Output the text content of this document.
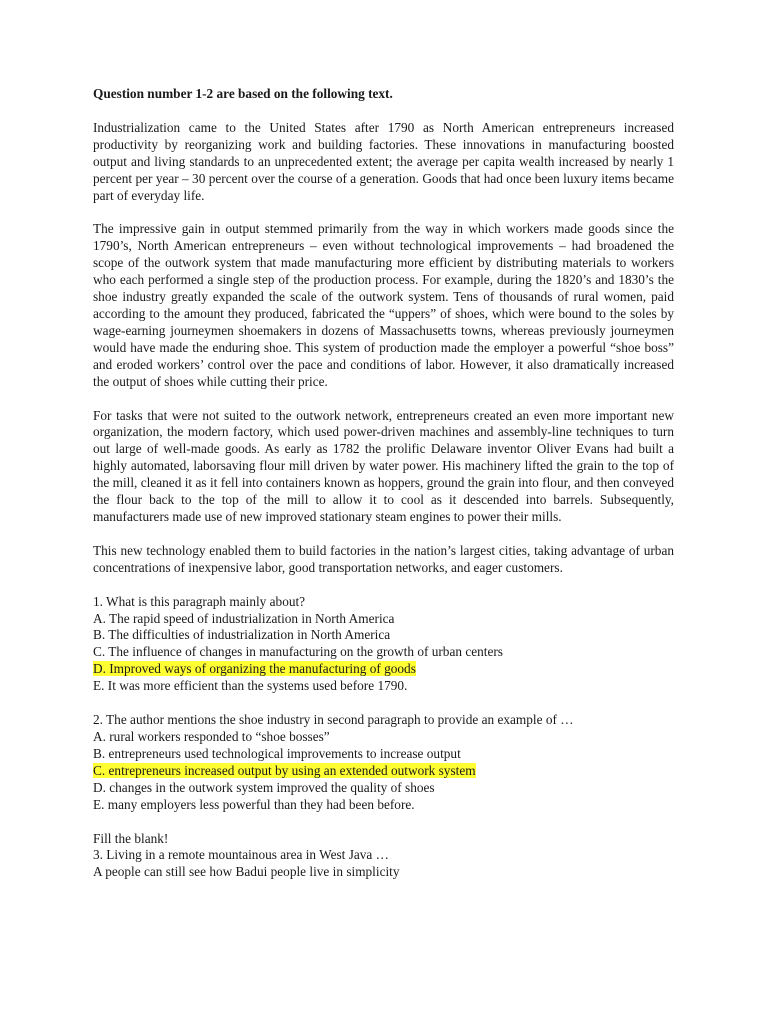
Question number 1-2 are based on the following text.

Industrialization came to the United States after 1790 as North American entrepreneurs increased productivity by reorganizing work and building factories. These innovations in manufacturing boosted output and living standards to an unprecedented extent; the average per capita wealth increased by nearly 1 percent per year – 30 percent over the course of a generation. Goods that had once been luxury items became part of everyday life.

The impressive gain in output stemmed primarily from the way in which workers made goods since the 1790’s, North American entrepreneurs – even without technological improvements – had broadened the scope of the outwork system that made manufacturing more efficient by distributing materials to workers who each performed a single step of the production process. For example, during the 1820’s and 1830’s the shoe industry greatly expanded the scale of the outwork system. Tens of thousands of rural women, paid according to the amount they produced, fabricated the “uppers” of shoes, which were bound to the soles by wage-earning journeymen shoemakers in dozens of Massachusetts towns, whereas previously journeymen would have made the enduring shoe. This system of production made the employer a powerful “shoe boss” and eroded workers’ control over the pace and conditions of labor. However, it also dramatically increased the output of shoes while cutting their price.

For tasks that were not suited to the outwork network, entrepreneurs created an even more important new organization, the modern factory, which used power-driven machines and assembly-line techniques to turn out large of well-made goods. As early as 1782 the prolific Delaware inventor Oliver Evans had built a highly automated, laborsaving flour mill driven by water power. His machinery lifted the grain to the top of the mill, cleaned it as it fell into containers known as hoppers, ground the grain into flour, and then conveyed the flour back to the top of the mill to allow it to cool as it descended into barrels. Subsequently, manufacturers made use of new improved stationary steam engines to power their mills.

This new technology enabled them to build factories in the nation’s largest cities, taking advantage of urban concentrations of inexpensive labor, good transportation networks, and eager customers.

1. What is this paragraph mainly about?
A. The rapid speed of industrialization in North America
B. The difficulties of industrialization in North America
C. The influence of changes in manufacturing on the growth of urban centers
D. Improved ways of organizing the manufacturing of goods
E. It was more efficient than the systems used before 1790.
2. The author mentions the shoe industry in second paragraph to provide an example of …
A. rural workers responded to “shoe bosses”
B. entrepreneurs used technological improvements to increase output
C. entrepreneurs increased output by using an extended outwork system
D. changes in the outwork system improved the quality of shoes
E. many employers less powerful than they had been before.
Fill the blank!
3. Living in a remote mountainous area in West Java …
A people can still see how Badui people live in simplicity
